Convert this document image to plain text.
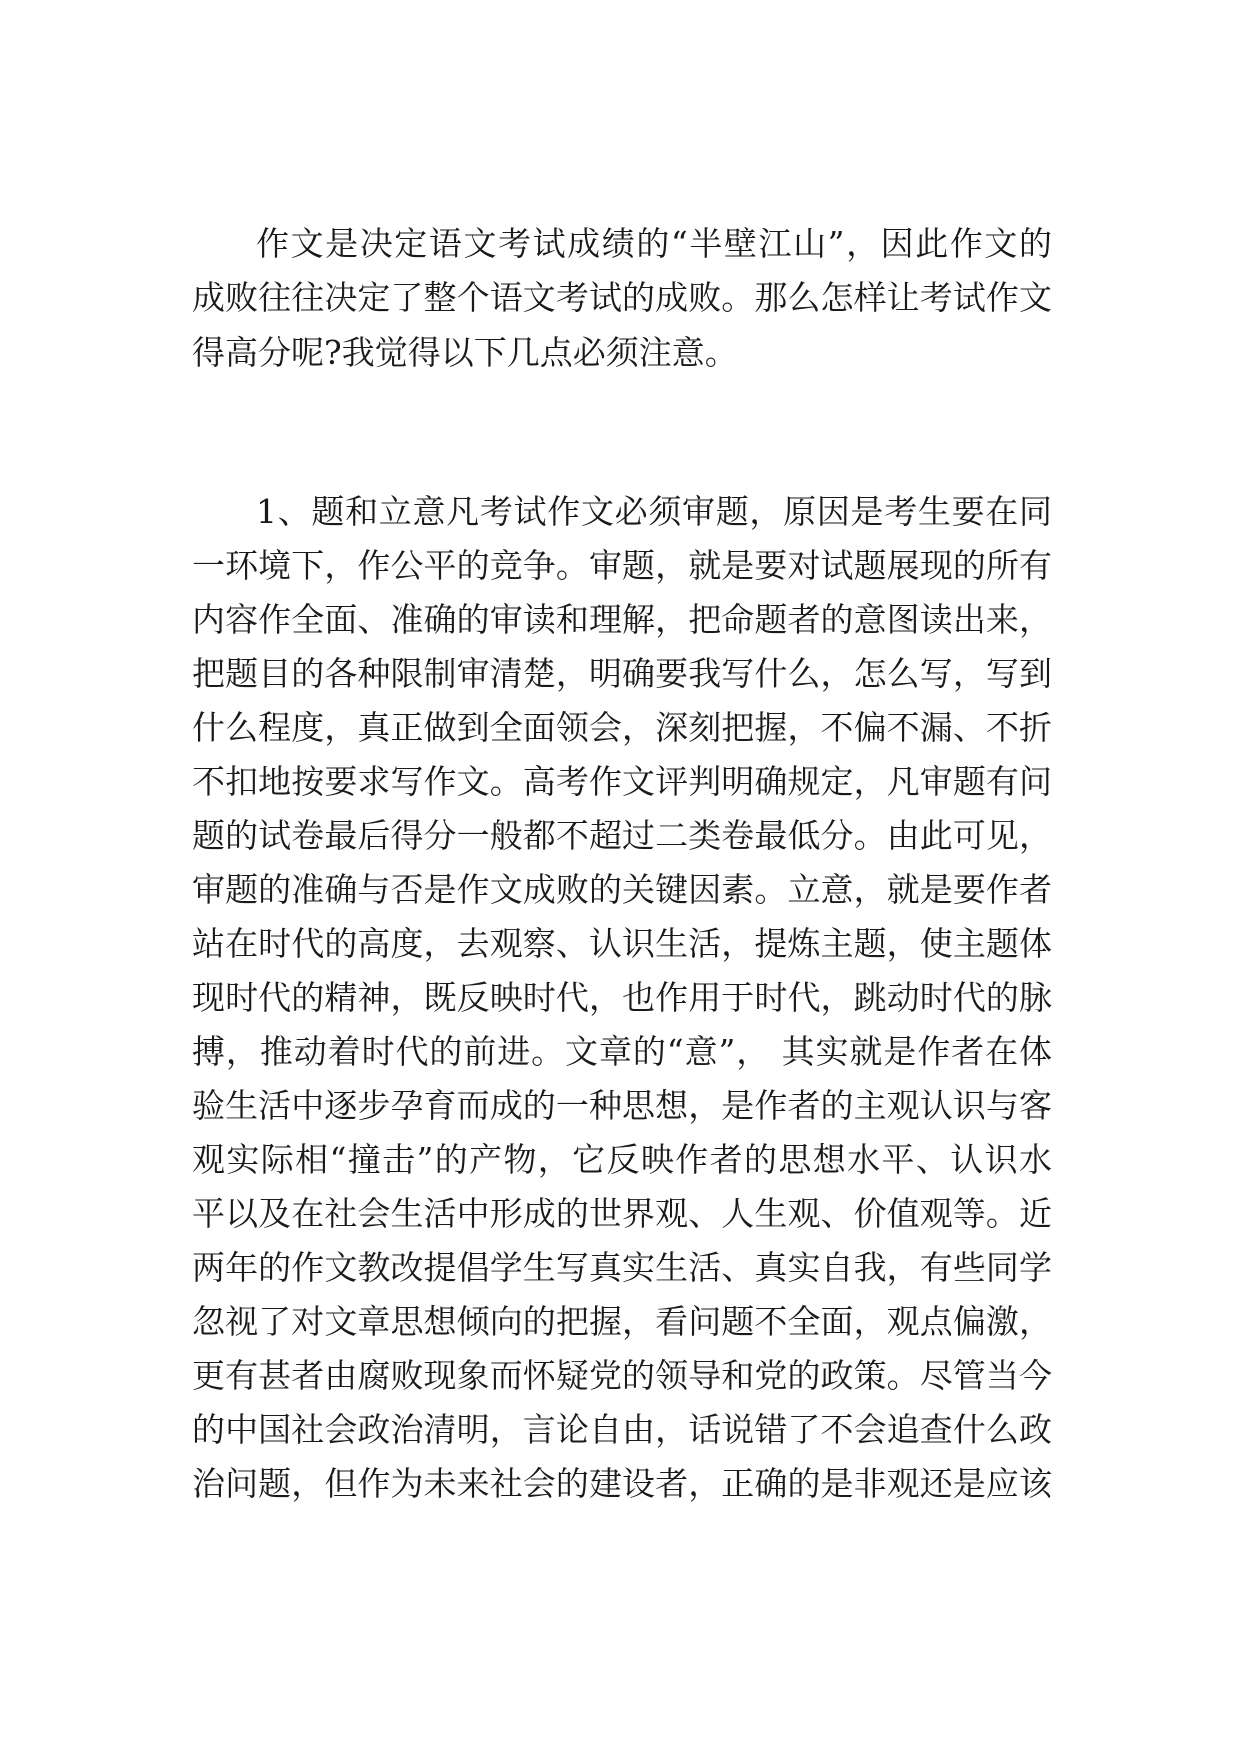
作文是决定语文考试成绩的“半壁江山”，因此作文的
成败往往决定了整个语文考试的成败。那么怎样让考试作文
得高分呢?我觉得以下几点必须注意。
1、题和立意凡考试作文必须审题，原因是考生要在同
一环境下，作公平的竞争。审题，就是要对试题展现的所有
内容作全面、准确的审读和理解，把命题者的意图读出来，
把题目的各种限制审清楚，明确要我写什么，怎么写，写到
什么程度，真正做到全面领会，深刻把握，不偏不漏、不折
不扣地按要求写作文。高考作文评判明确规定，凡审题有问
题的试卷最后得分一般都不超过二类卷最低分。由此可见，
审题的准确与否是作文成败的关键因素。立意，就是要作者
站在时代的高度，去观察、认识生活，提炼主题，使主题体
现时代的精神，既反映时代，也作用于时代，跳动时代的脉
搏，推动着时代的前进。文章的“意”， 其实就是作者在体
验生活中逐步孕育而成的一种思想，是作者的主观认识与客
观实际相“撞击”的产物，它反映作者的思想水平、认识水
平以及在社会生活中形成的世界观、人生观、价值观等。近
两年的作文教改提倡学生写真实生活、真实自我，有些同学
忽视了对文章思想倾向的把握，看问题不全面，观点偏激，
更有甚者由腐败现象而怀疑党的领导和党的政策。尽管当今
的中国社会政治清明，言论自由，话说错了不会追查什么政
治问题，但作为未来社会的建设者，正确的是非观还是应该
